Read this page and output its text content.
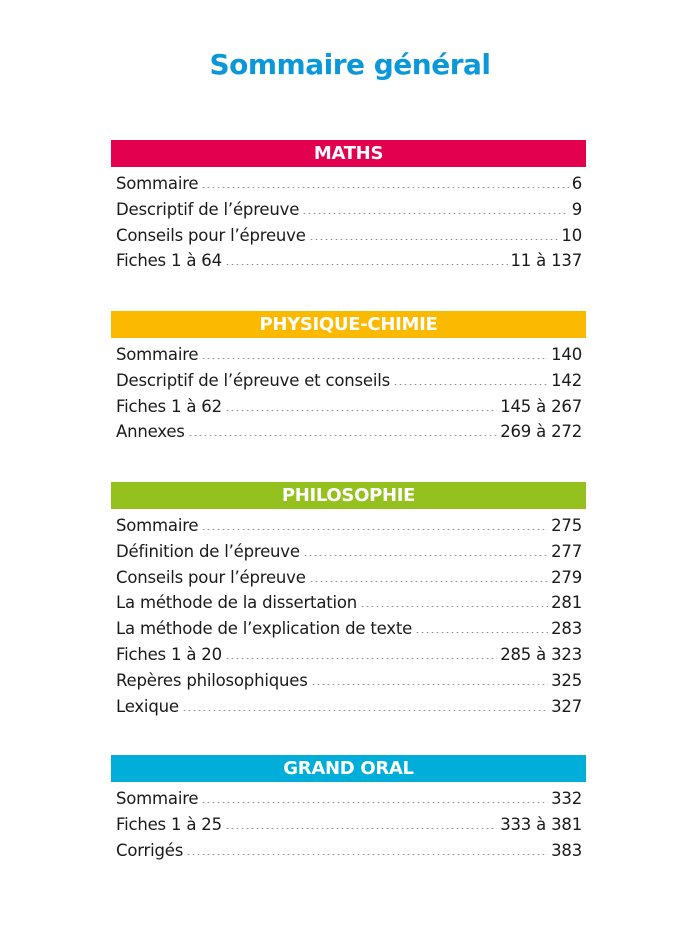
Sommaire général
MATHS
Sommaire	6
Descriptif de l’épreuve	9
Conseils pour l’épreuve	10
Fiches 1 à 64	11 à 137
PHYSIQUE-CHIMIE
Sommaire	140
Descriptif de l’épreuve et conseils	142
Fiches 1 à 62	145 à 267
Annexes	269 à 272
PHILOSOPHIE
Sommaire	275
Définition de l’épreuve	277
Conseils pour l’épreuve	279
La méthode de la dissertation	281
La méthode de l’explication de texte	283
Fiches 1 à 20	285 à 323
Repères philosophiques	325
Lexique	327
GRAND ORAL
Sommaire	332
Fiches 1 à 25	333 à 381
Corrigés	383
